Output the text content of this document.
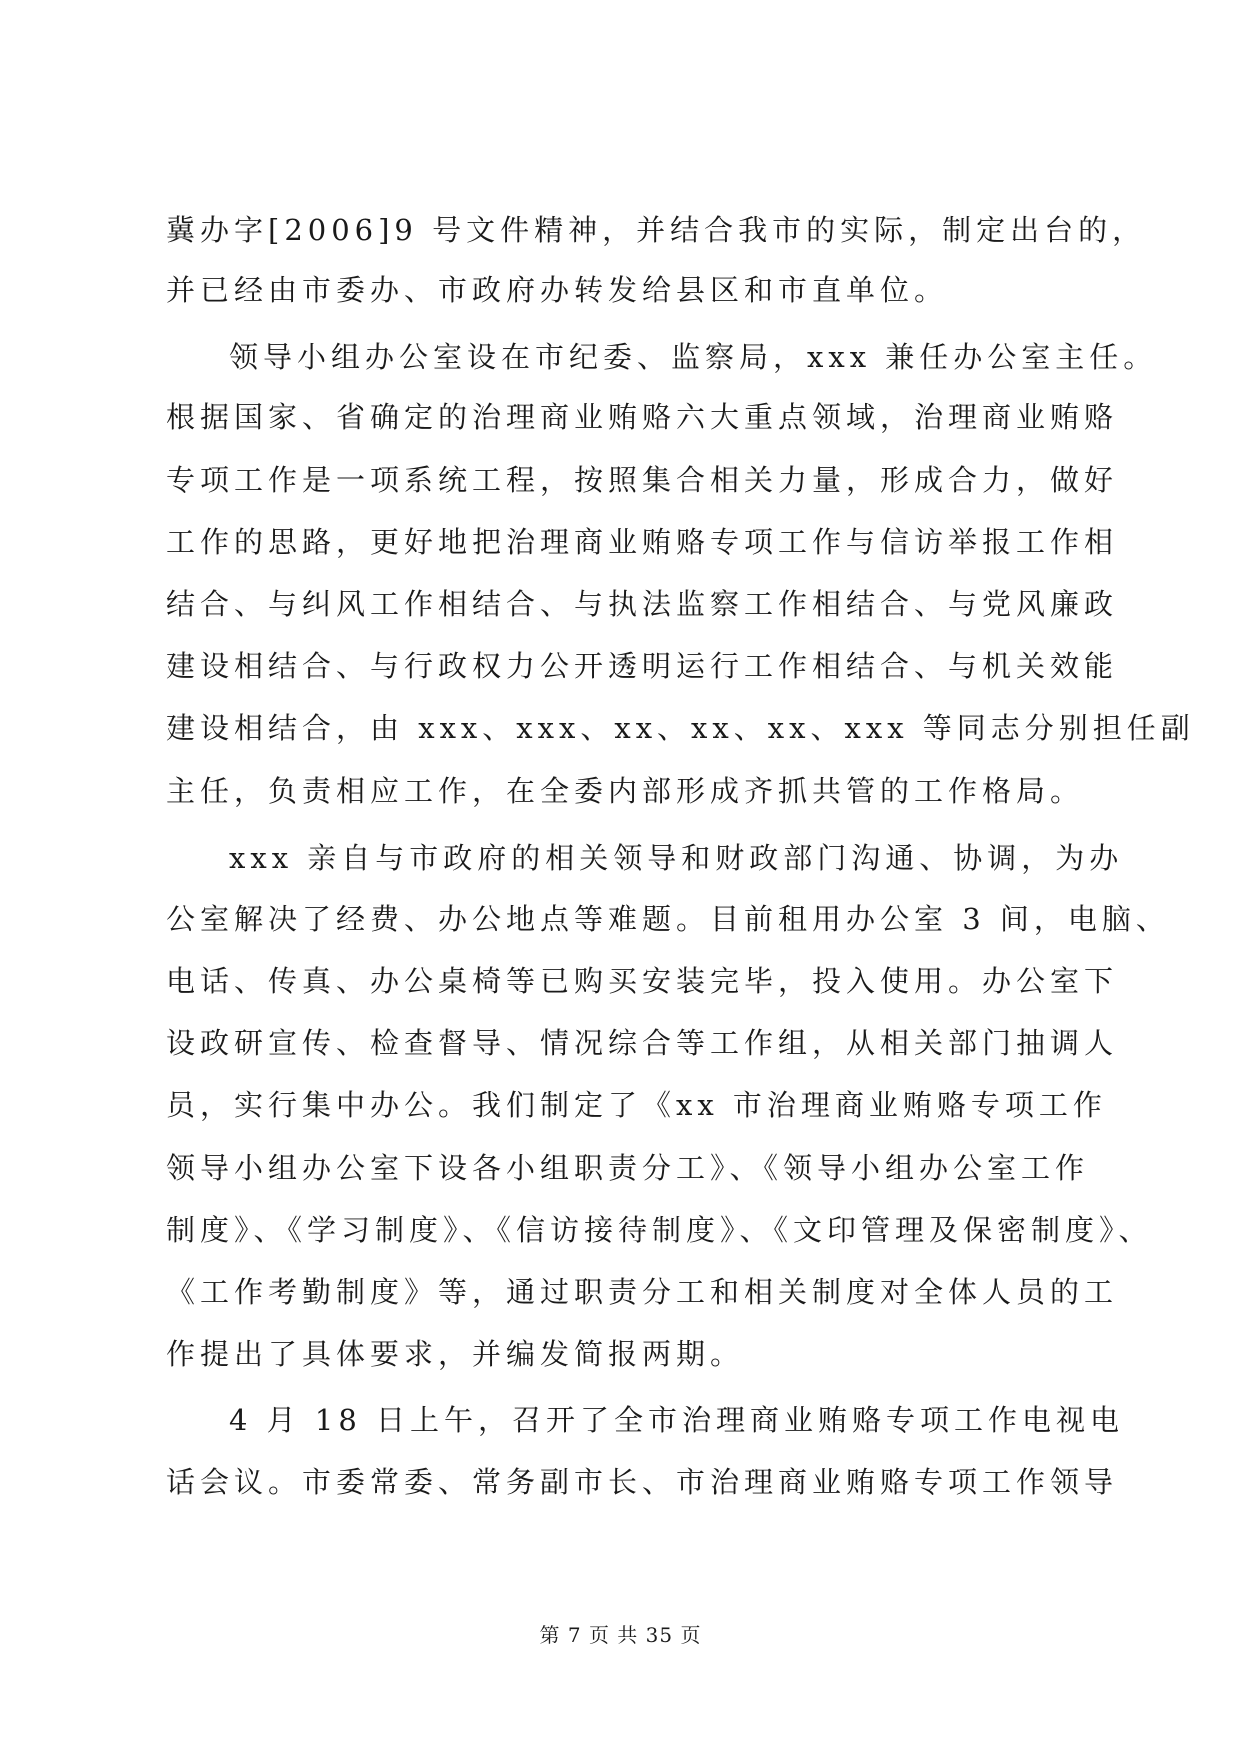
冀办字[2006]9 号文件精神，并结合我市的实际，制定出台的，
并已经由市委办、市政府办转发给县区和市直单位。
领导小组办公室设在市纪委、监察局，xxx 兼任办公室主任。
根据国家、省确定的治理商业贿赂六大重点领域，治理商业贿赂
专项工作是一项系统工程，按照集合相关力量，形成合力，做好
工作的思路，更好地把治理商业贿赂专项工作与信访举报工作相
结合、与纠风工作相结合、与执法监察工作相结合、与党风廉政
建设相结合、与行政权力公开透明运行工作相结合、与机关效能
建设相结合，由 xxx、xxx、xx、xx、xx、xxx 等同志分别担任副
主任，负责相应工作，在全委内部形成齐抓共管的工作格局。
xxx 亲自与市政府的相关领导和财政部门沟通、协调，为办
公室解决了经费、办公地点等难题。目前租用办公室 3 间，电脑、
电话、传真、办公桌椅等已购买安装完毕，投入使用。办公室下
设政研宣传、检查督导、情况综合等工作组，从相关部门抽调人
员，实行集中办公。我们制定了《xx 市治理商业贿赂专项工作
领导小组办公室下设各小组职责分工》、《领导小组办公室工作
制度》、《学习制度》、《信访接待制度》、《文印管理及保密制度》、
《工作考勤制度》等，通过职责分工和相关制度对全体人员的工
作提出了具体要求，并编发简报两期。
4 月 18 日上午，召开了全市治理商业贿赂专项工作电视电
话会议。市委常委、常务副市长、市治理商业贿赂专项工作领导
第 7 页 共 35 页
